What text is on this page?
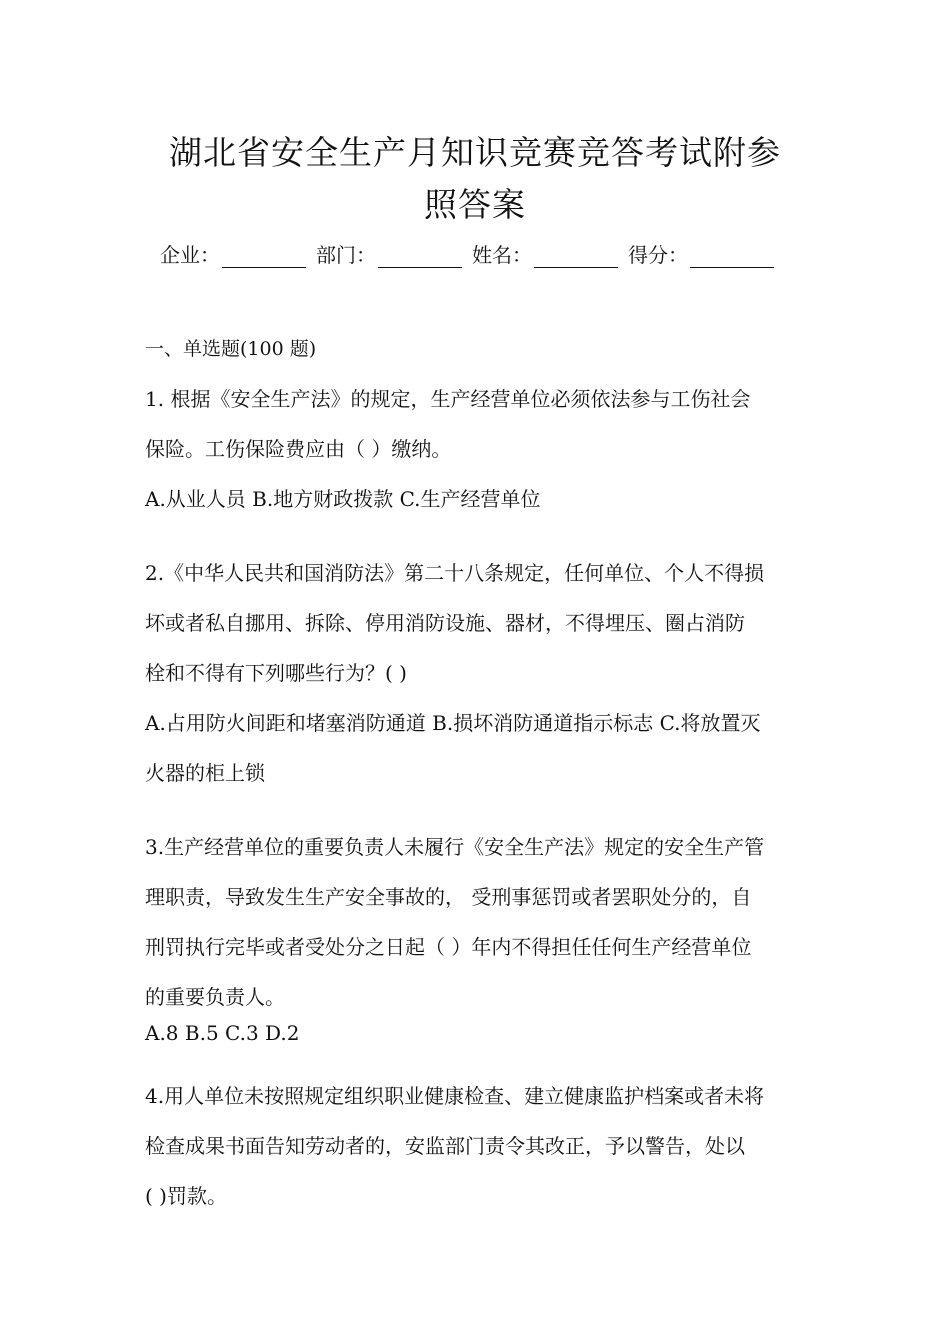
湖北省安全生产月知识竞赛竞答考试附参
照答案
企业：	部门：	姓名：	得分：
一、单选题(100 题)

1. 根据《安全生产法》的规定，生产经营单位必须依法参与工伤社会

保险。工伤保险费应由（ ）缴纳。

A.从业人员 B.地方财政拨款 C.生产经营单位

2.《中华人民共和国消防法》第二十八条规定，任何单位、个人不得损

坏或者私自挪用、拆除、停用消防设施、器材，不得埋压、圈占消防

栓和不得有下列哪些行为？( )

A.占用防火间距和堵塞消防通道 B.损坏消防通道指示标志 C.将放置灭

火器的柜上锁

3.生产经营单位的重要负责人未履行《安全生产法》规定的安全生产管

理职责，导致发生生产安全事故的， 受刑事惩罚或者罢职处分的，自

刑罚执行完毕或者受处分之日起（ ）年内不得担任任何生产经营单位

的重要负责人。

A.8 B.5 C.3 D.2

4.用人单位未按照规定组织职业健康检查、建立健康监护档案或者未将

检查成果书面告知劳动者的，安监部门责令其改正，予以警告，处以

( )罚款。
